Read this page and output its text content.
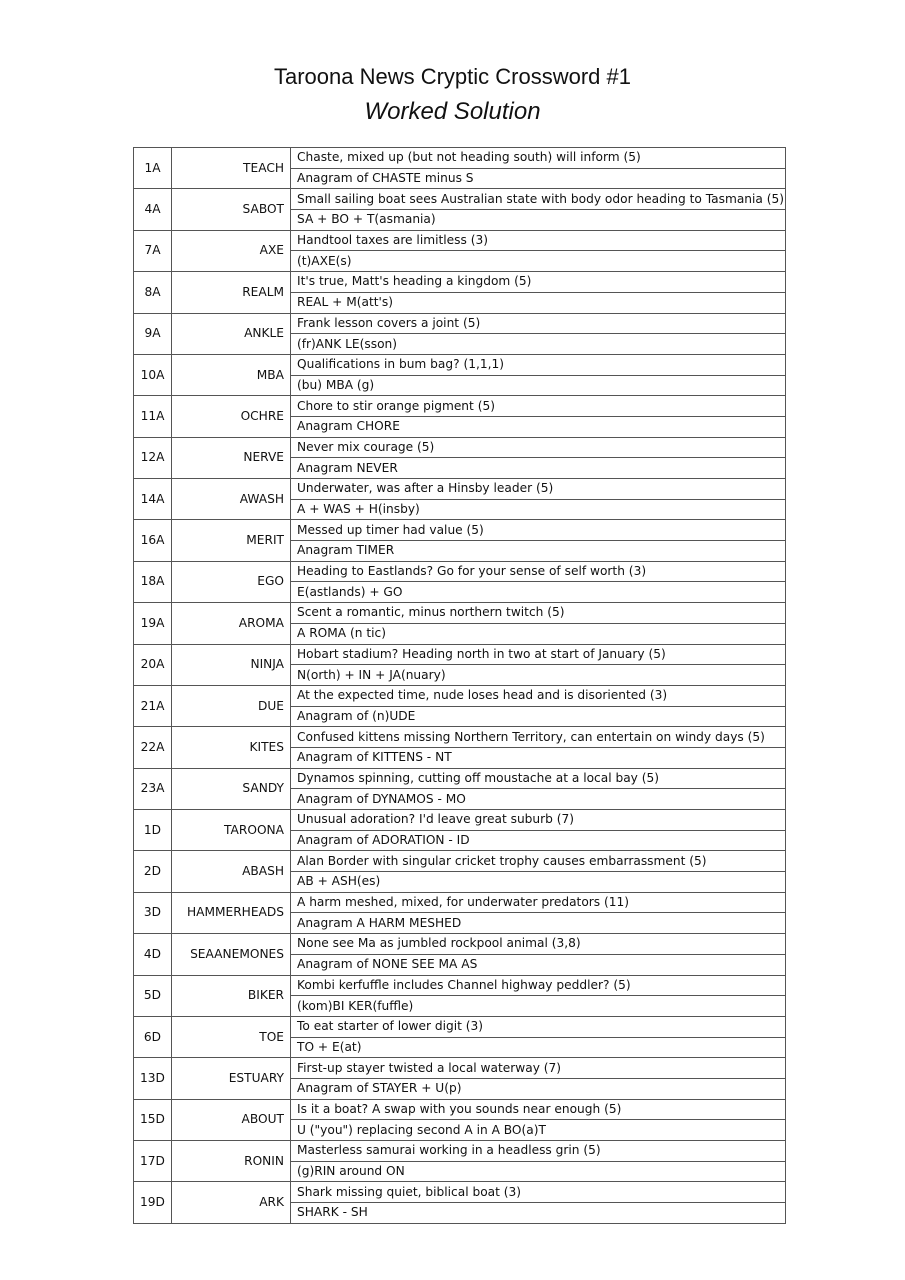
Taroona News Cryptic Crossword #1
Worked Solution
1A	TEACH	Chaste, mixed up (but not heading south) will inform (5)
		Anagram of CHASTE minus S
4A	SABOT	Small sailing boat sees Australian state with body odor heading to Tasmania (5)
		SA + BO + T(asmania)
7A	AXE	Handtool taxes are limitless (3)
		(t)AXE(s)
8A	REALM	It's true, Matt's heading a kingdom (5)
		REAL + M(att's)
9A	ANKLE	Frank lesson covers a joint (5)
		(fr)ANK LE(sson)
10A	MBA	Qualifications in bum bag? (1,1,1)
		(bu) MBA (g)
11A	OCHRE	Chore to stir orange pigment (5)
		Anagram CHORE
12A	NERVE	Never mix courage (5)
		Anagram NEVER
14A	AWASH	Underwater, was after a Hinsby leader (5)
		A + WAS + H(insby)
16A	MERIT	Messed up timer had value (5)
		Anagram TIMER
18A	EGO	Heading to Eastlands? Go for your sense of self worth (3)
		E(astlands) + GO
19A	AROMA	Scent a romantic, minus northern twitch (5)
		A ROMA (n tic)
20A	NINJA	Hobart stadium? Heading north in two at start of January (5)
		N(orth) + IN + JA(nuary)
21A	DUE	At the expected time, nude loses head and is disoriented (3)
		Anagram of (n)UDE
22A	KITES	Confused kittens missing Northern Territory, can entertain on windy days (5)
		Anagram of KITTENS - NT
23A	SANDY	Dynamos spinning, cutting off moustache at a local bay (5)
		Anagram of DYNAMOS - MO
1D	TAROONA	Unusual adoration? I'd leave great suburb (7)
		Anagram of ADORATION - ID
2D	ABASH	Alan Border with singular cricket trophy causes embarrassment (5)
		AB + ASH(es)
3D	HAMMERHEADS	A harm meshed, mixed, for underwater predators (11)
		Anagram A HARM MESHED
4D	SEAANEMONES	None see Ma as jumbled rockpool animal (3,8)
		Anagram of NONE SEE MA AS
5D	BIKER	Kombi kerfuffle includes Channel highway peddler? (5)
		(kom)BI KER(fuffle)
6D	TOE	To eat starter of lower digit (3)
		TO + E(at)
13D	ESTUARY	First-up stayer twisted a local waterway (7)
		Anagram of STAYER + U(p)
15D	ABOUT	Is it a boat? A swap with you sounds near enough (5)
		U ("you") replacing second A in A BO(a)T
17D	RONIN	Masterless samurai working in a headless grin (5)
		(g)RIN around ON
19D	ARK	Shark missing quiet, biblical boat (3)
		SHARK - SH
